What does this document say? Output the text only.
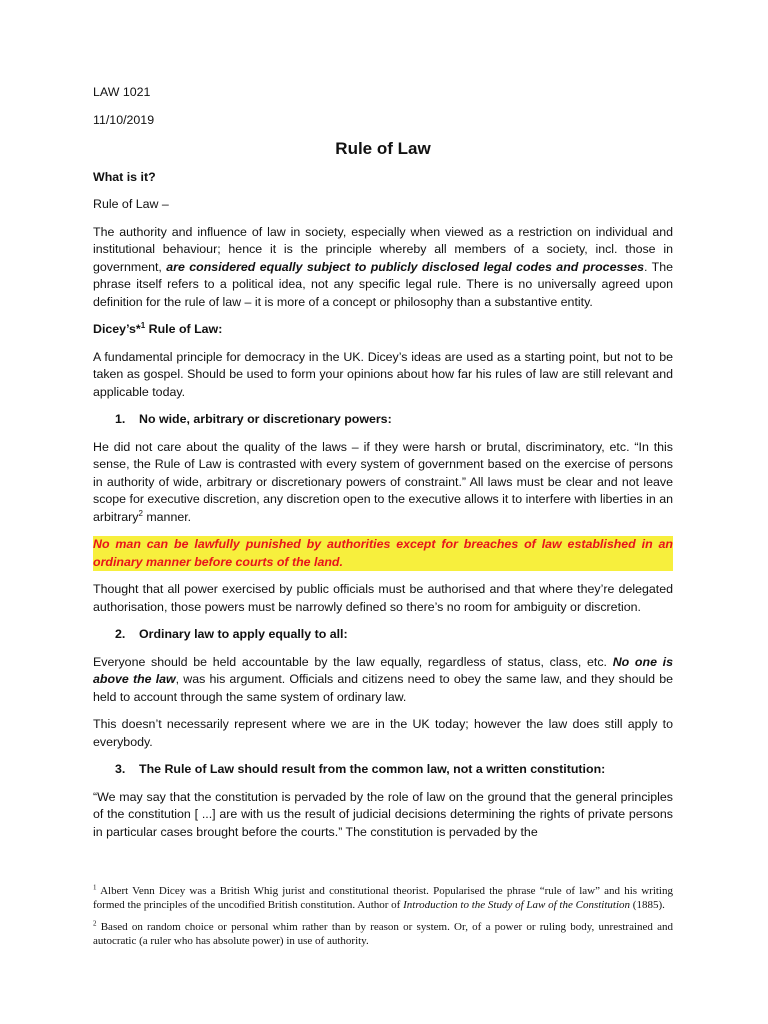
LAW 1021
11/10/2019
Rule of Law
What is it?
Rule of Law –

The authority and influence of law in society, especially when viewed as a restriction on individual and institutional behaviour; hence it is the principle whereby all members of a society, incl. those in government, are considered equally subject to publicly disclosed legal codes and processes. The phrase itself refers to a political idea, not any specific legal rule. There is no universally agreed upon definition for the rule of law – it is more of a concept or philosophy than a substantive entity.

Dicey’s*$^1$ Rule of Law:

A fundamental principle for democracy in the UK. Dicey’s ideas are used as a starting point, but not to be taken as gospel. Should be used to form your opinions about how far his rules of law are still relevant and applicable today.

1.	No wide, arbitrary or discretionary powers:

He did not care about the quality of the laws – if they were harsh or brutal, discriminatory, etc. “In this sense, the Rule of Law is contrasted with every system of government based on the exercise of persons in authority of wide, arbitrary or discretionary powers of constraint.” All laws must be clear and not leave scope for executive discretion, any discretion open to the executive allows it to interfere with liberties in an arbitrary$^2$ manner.

No man can be lawfully punished by authorities except for breaches of law established in an ordinary manner before courts of the land.

Thought that all power exercised by public officials must be authorised and that where they’re delegated authorisation, those powers must be narrowly defined so there’s no room for ambiguity or discretion.

2.	Ordinary law to apply equally to all:

Everyone should be held accountable by the law equally, regardless of status, class, etc. No one is above the law, was his argument. Officials and citizens need to obey the same law, and they should be held to account through the same system of ordinary law.

This doesn’t necessarily represent where we are in the UK today; however the law does still apply to everybody.

3.	The Rule of Law should result from the common law, not a written constitution:

“We may say that the constitution is pervaded by the role of law on the ground that the general principles of the constitution [ ...] are with us the result of judicial decisions determining the rights of private persons in particular cases brought before the courts.” The constitution is pervaded by the

$^1$ Albert Venn Dicey was a British Whig jurist and constitutional theorist. Popularised the phrase “rule of law” and his writing formed the principles of the uncodified British constitution. Author of Introduction to the Study of Law of the Constitution (1885).

$^2$ Based on random choice or personal whim rather than by reason or system. Or, of a power or ruling body, unrestrained and autocratic (a ruler who has absolute power) in use of authority.
